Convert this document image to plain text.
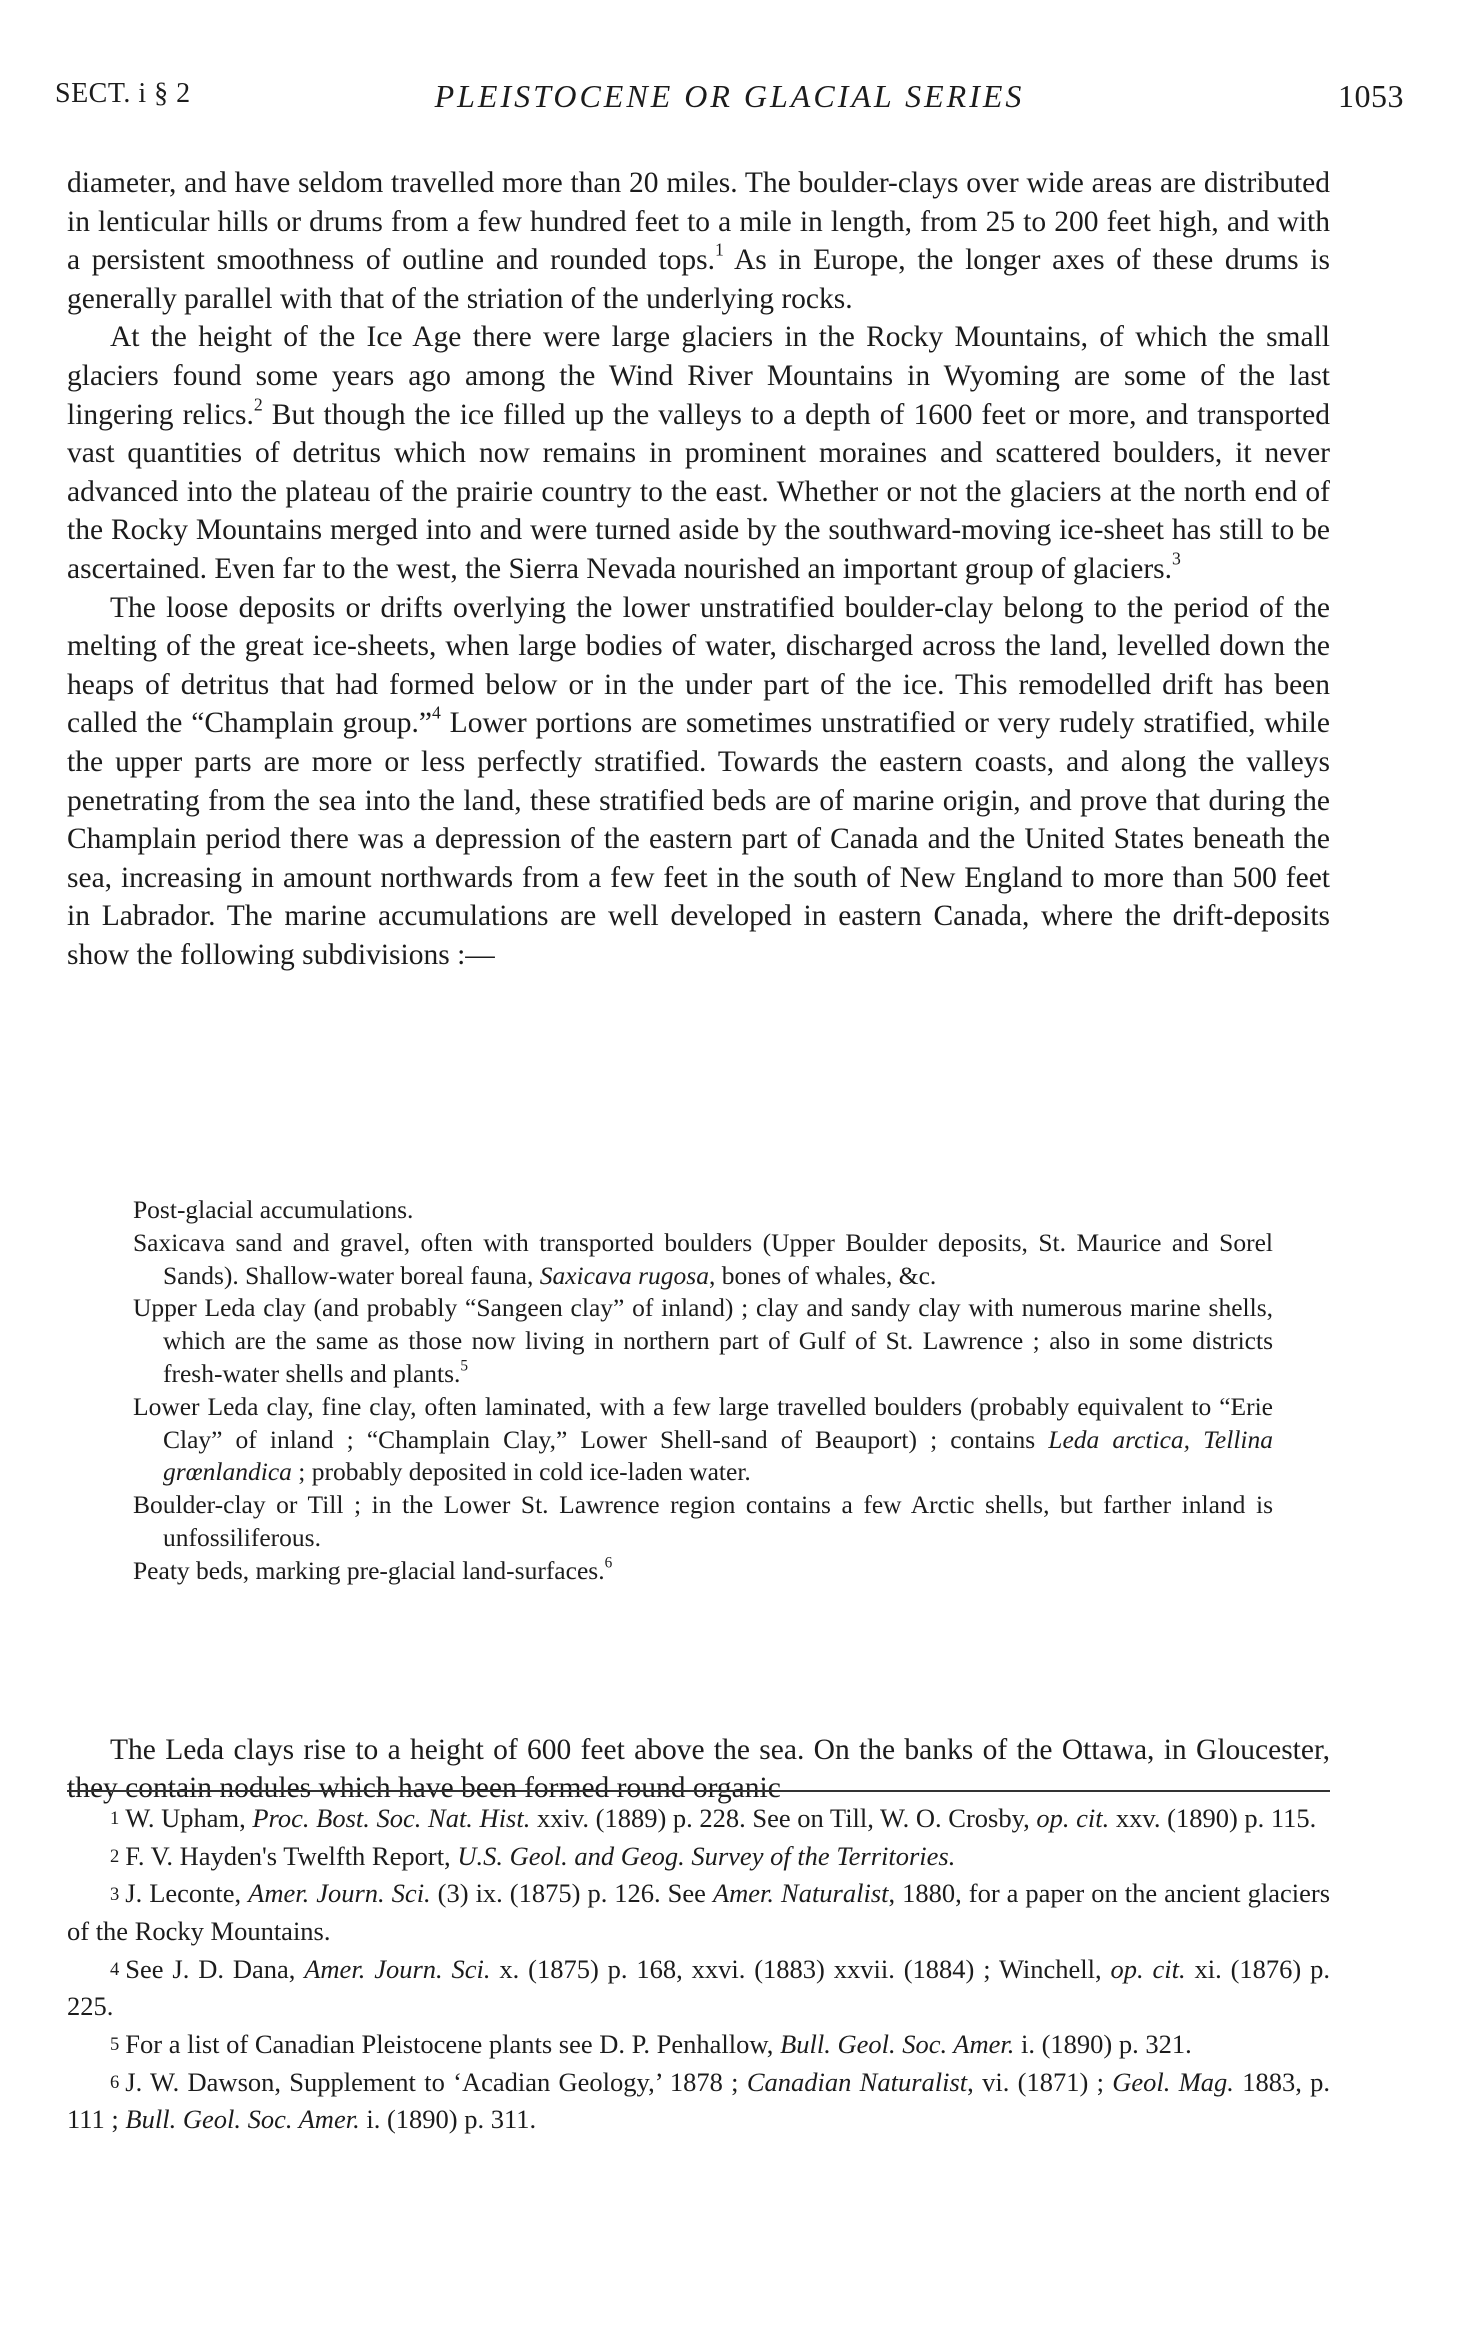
SECT. i § 2	PLEISTOCENE OR GLACIAL SERIES	1053

diameter, and have seldom travelled more than 20 miles. The boulder-clays over wide areas are distributed in lenticular hills or drums from a few hundred feet to a mile in length, from 25 to 200 feet high, and with a persistent smoothness of outline and rounded tops.$^1$ As in Europe, the longer axes of these drums is generally parallel with that of the striation of the underlying rocks.

At the height of the Ice Age there were large glaciers in the Rocky Mountains, of which the small glaciers found some years ago among the Wind River Mountains in Wyoming are some of the last lingering relics.$^2$ But though the ice filled up the valleys to a depth of 1600 feet or more, and transported vast quantities of detritus which now remains in prominent moraines and scattered boulders, it never advanced into the plateau of the prairie country to the east. Whether or not the glaciers at the north end of the Rocky Mountains merged into and were turned aside by the southward-moving ice-sheet has still to be ascertained. Even far to the west, the Sierra Nevada nourished an important group of glaciers.$^3$

The loose deposits or drifts overlying the lower unstratified boulder-clay belong to the period of the melting of the great ice-sheets, when large bodies of water, discharged across the land, levelled down the heaps of detritus that had formed below or in the under part of the ice. This remodelled drift has been called the “Champlain group.”$^4$ Lower portions are sometimes unstratified or very rudely stratified, while the upper parts are more or less perfectly stratified. Towards the eastern coasts, and along the valleys penetrating from the sea into the land, these stratified beds are of marine origin, and prove that during the Champlain period there was a depression of the eastern part of Canada and the United States beneath the sea, increasing in amount northwards from a few feet in the south of New England to more than 500 feet in Labrador. The marine accumulations are well developed in eastern Canada, where the drift-deposits show the following subdivisions :—

Post-glacial accumulations.

Saxicava sand and gravel, often with transported boulders (Upper Boulder deposits, St. Maurice and Sorel Sands). Shallow-water boreal fauna, Saxicava rugosa, bones of whales, &c.

Upper Leda clay (and probably “Sangeen clay” of inland) ; clay and sandy clay with numerous marine shells, which are the same as those now living in northern part of Gulf of St. Lawrence ; also in some districts fresh-water shells and plants.$^5$

Lower Leda clay, fine clay, often laminated, with a few large travelled boulders (probably equivalent to “Erie Clay” of inland ; “Champlain Clay,” Lower Shell-sand of Beauport) ; contains Leda arctica, Tellina grœnlandica ; probably deposited in cold ice-laden water.

Boulder-clay or Till ; in the Lower St. Lawrence region contains a few Arctic shells, but farther inland is unfossiliferous.

Peaty beds, marking pre-glacial land-surfaces.$^6$

The Leda clays rise to a height of 600 feet above the sea. On the banks of the Ottawa, in Gloucester, they contain nodules which have been formed round organic

1 W. Upham, Proc. Bost. Soc. Nat. Hist. xxiv. (1889) p. 228. See on Till, W. O. Crosby, op. cit. xxv. (1890) p. 115.

2 F. V. Hayden's Twelfth Report, U.S. Geol. and Geog. Survey of the Territories.

3 J. Leconte, Amer. Journ. Sci. (3) ix. (1875) p. 126. See Amer. Naturalist, 1880, for a paper on the ancient glaciers of the Rocky Mountains.

4 See J. D. Dana, Amer. Journ. Sci. x. (1875) p. 168, xxvi. (1883) xxvii. (1884) ; Winchell, op. cit. xi. (1876) p. 225.

5 For a list of Canadian Pleistocene plants see D. P. Penhallow, Bull. Geol. Soc. Amer. i. (1890) p. 321.

6 J. W. Dawson, Supplement to ‘Acadian Geology,’ 1878 ; Canadian Naturalist, vi. (1871) ; Geol. Mag. 1883, p. 111 ; Bull. Geol. Soc. Amer. i. (1890) p. 311.
